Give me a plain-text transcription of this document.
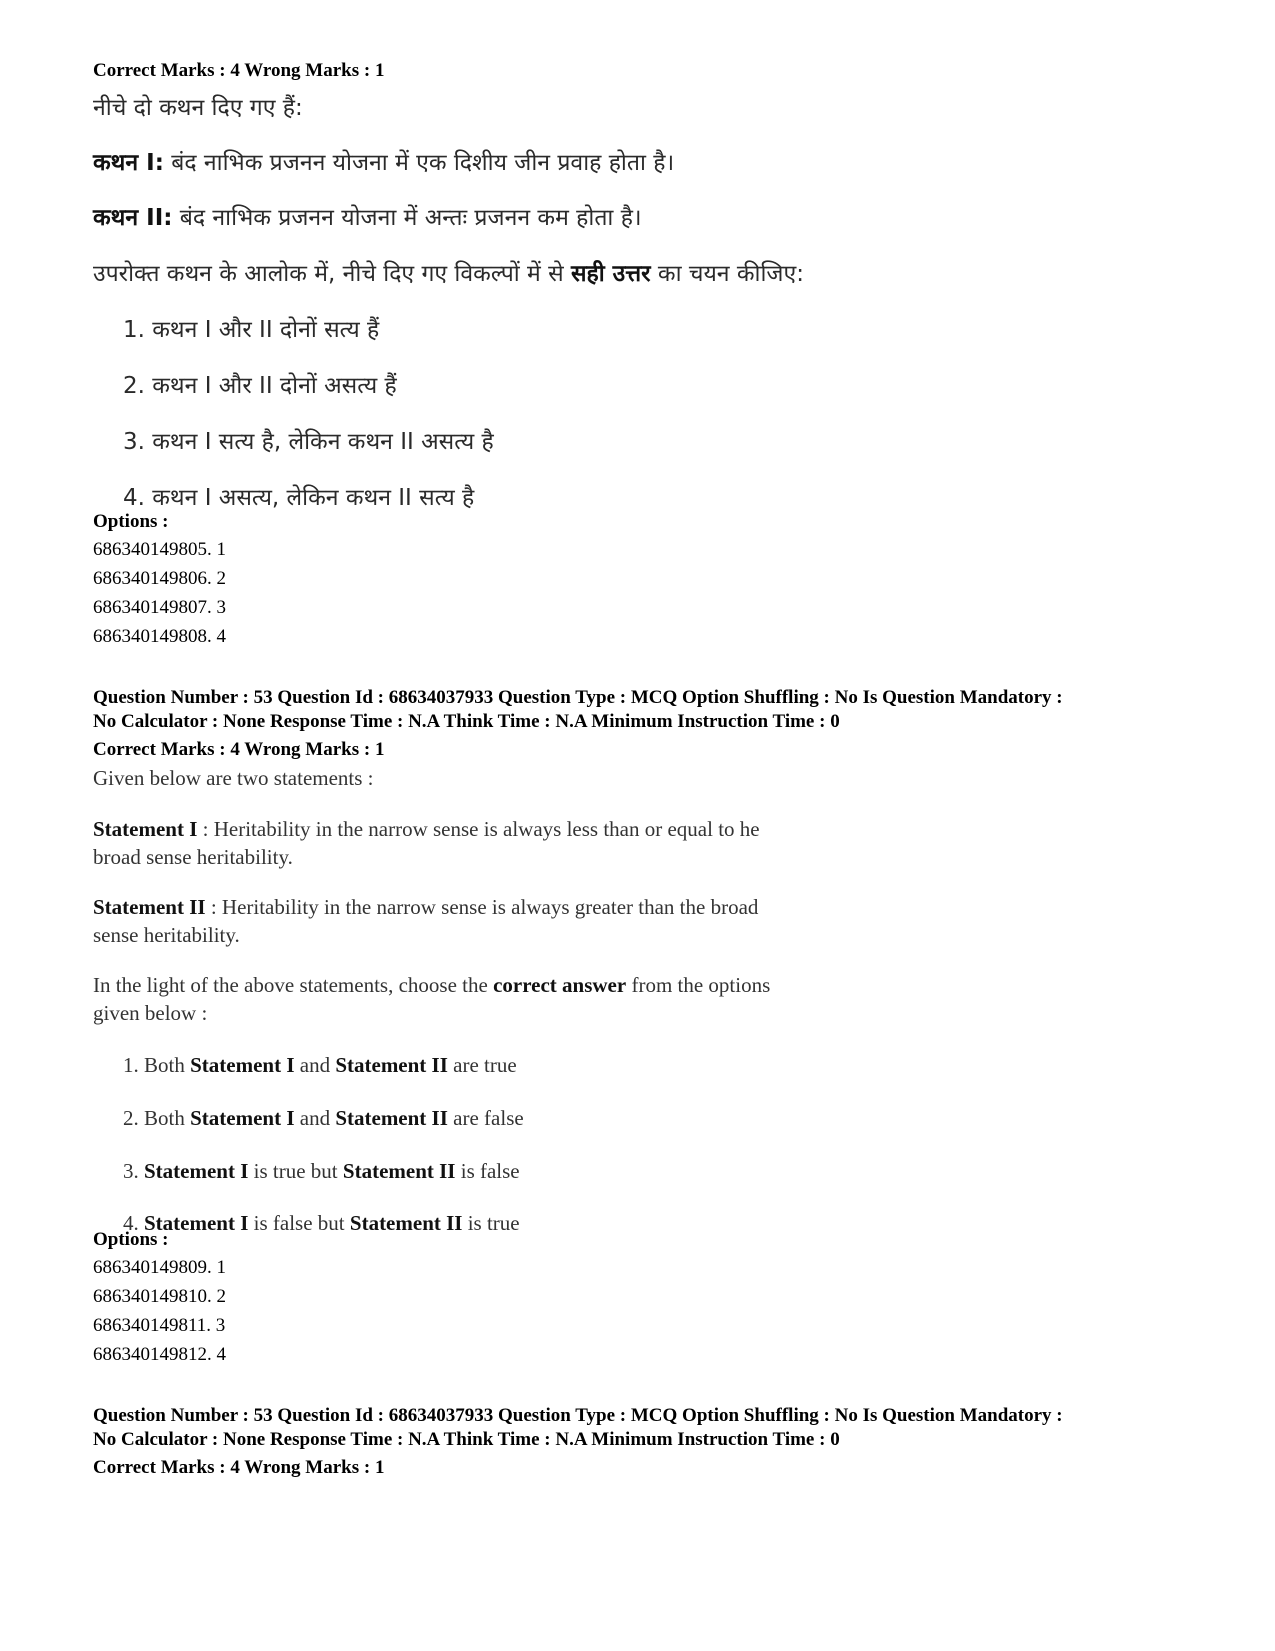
Correct Marks : 4 Wrong Marks : 1
नीचे दो कथन दिए गए हैं:
कथन I: बंद नाभिक प्रजनन योजना में एक दिशीय जीन प्रवाह होता है।
कथन II: बंद नाभिक प्रजनन योजना में अन्तः प्रजनन कम होता है।
उपरोक्त कथन के आलोक में, नीचे दिए गए विकल्पों में से सही उत्तर का चयन कीजिए:
1. कथन I और II दोनों सत्य हैं
2. कथन I और II दोनों असत्य हैं
3. कथन I सत्य है, लेकिन कथन II असत्य है
4. कथन I असत्य, लेकिन कथन II सत्य है
Options :
686340149805. 1
686340149806. 2
686340149807. 3
686340149808. 4
Question Number : 53 Question Id : 68634037933 Question Type : MCQ Option Shuffling : No Is Question Mandatory :
No Calculator : None Response Time : N.A Think Time : N.A Minimum Instruction Time : 0
Correct Marks : 4 Wrong Marks : 1
Given below are two statements :
Statement I : Heritability in the narrow sense is always less than or equal to he
broad sense heritability.
Statement II : Heritability in the narrow sense is always greater than the broad
sense heritability.
In the light of the above statements, choose the correct answer from the options
given below :
1. Both Statement I and Statement II are true
2. Both Statement I and Statement II are false
3. Statement I is true but Statement II is false
4. Statement I is false but Statement II is true
Options :
686340149809. 1
686340149810. 2
686340149811. 3
686340149812. 4
Question Number : 53 Question Id : 68634037933 Question Type : MCQ Option Shuffling : No Is Question Mandatory :
No Calculator : None Response Time : N.A Think Time : N.A Minimum Instruction Time : 0
Correct Marks : 4 Wrong Marks : 1
